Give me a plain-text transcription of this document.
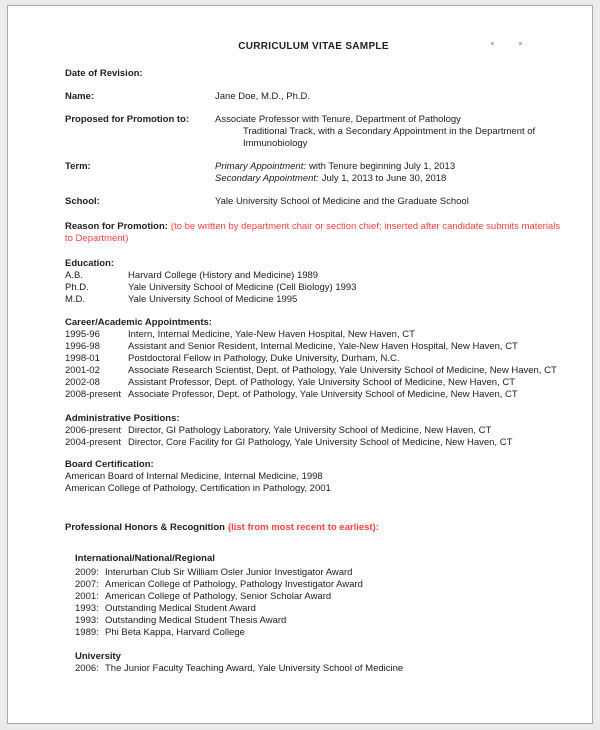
CURRICULUM VITAE SAMPLE
Date of Revision:
Name:	Jane Doe, M.D., Ph.D.
Proposed for Promotion to:	Associate Professor with Tenure, Department of Pathology
Traditional Track, with a Secondary Appointment in the Department of
Immunobiology
Term:	Primary Appointment: with Tenure beginning July 1, 2013
Secondary Appointment: July 1, 2013 to June 30, 2018
School:	Yale University School of Medicine and the Graduate School

Reason for Promotion: (to be written by department chair or section chief; inserted after candidate submits materials to Department)

Education:
A.B.	Harvard College (History and Medicine) 1989
Ph.D.	Yale University School of Medicine (Cell Biology) 1993
M.D.	Yale University School of Medicine 1995
Career/Academic Appointments:
1995-96	Intern, Internal Medicine, Yale-New Haven Hospital, New Haven, CT
1996-98	Assistant and Senior Resident, Internal Medicine, Yale-New Haven Hospital, New Haven, CT
1998-01	Postdoctoral Fellow in Pathology, Duke University, Durham, N.C.
2001-02	Associate Research Scientist, Dept. of Pathology, Yale University School of Medicine, New Haven, CT
2002-08	Assistant Professor, Dept. of Pathology, Yale University School of Medicine, New Haven, CT
2008-present Associate Professor, Dept. of Pathology, Yale University School of Medicine, New Haven, CT
Administrative Positions:
2006-present Director, GI Pathology Laboratory, Yale University School of Medicine, New Haven, CT
2004-present Director, Core Facility for GI Pathology, Yale University School of Medicine, New Haven, CT
Board Certification:
American Board of Internal Medicine, Internal Medicine, 1998
American College of Pathology, Certification in Pathology, 2001
Professional Honors & Recognition (list from most recent to earliest):
International/National/Regional
2009: Interurban Club Sir William Osler Junior Investigator Award
2007: American College of Pathology, Pathology Investigator Award
2001: American College of Pathology, Senior Scholar Award
1993: Outstanding Medical Student Award
1993: Outstanding Medical Student Thesis Award
1989: Phi Beta Kappa, Harvard College
University
2006: The Junior Faculty Teaching Award, Yale University School of Medicine
